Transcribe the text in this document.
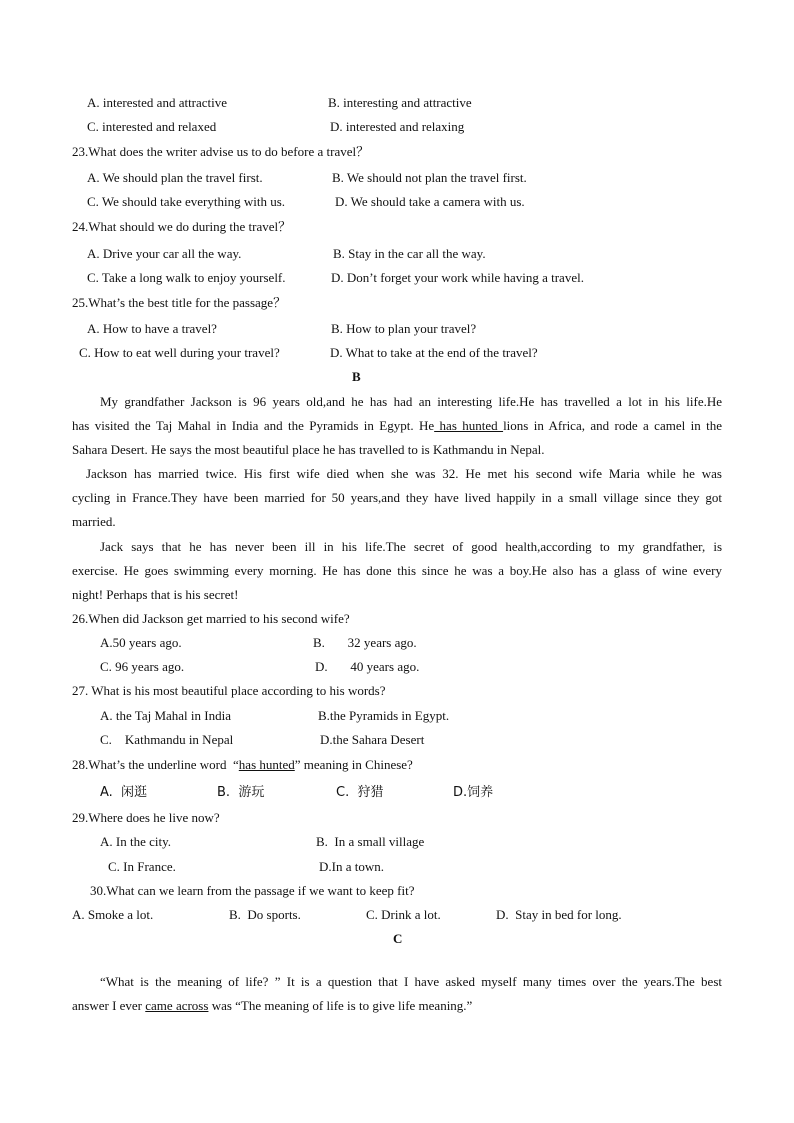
A. interested and attractive	B. interesting and attractive
C. interested and relaxed	D. interested and relaxing
23.What does the writer advise us to do before a travel？
A. We should plan the travel first.	B. We should not plan the travel first.
C. We should take everything with us.	D. We should take a camera with us.
24.What should we do during the travel？
A. Drive your car all the way.	B. Stay in the car all the way.
C. Take a long walk to enjoy yourself.	D. Don’t forget your work while having a travel.
25.What’s the best title for the passage？
A. How to have a travel?	B. How to plan your travel?
C. How to eat well during your travel?	D. What to take at the end of the travel?
B
My grandfather Jackson is 96 years old,and he has had an interesting life.He has travelled a lot in his life.He
has visited the Taj Mahal in India and the Pyramids in Egypt. He has hunted lions in Africa, and rode a camel in the
Sahara Desert. He says the most beautiful place he has travelled to is Kathmandu in Nepal.
Jackson has married twice. His first wife died when she was 32. He met his second wife Maria while he was
cycling in France.They have been married for 50 years,and they have lived happily in a small village since they got
married.
Jack says that he has never been ill in his life.The secret of good health,according to my grandfather, is
exercise. He goes swimming every morning. He has done this since he was a boy.He also has a glass of wine every
night! Perhaps that is his secret!
26.When did Jackson get married to his second wife?
A.50 years ago.	B.       32 years ago.
C. 96 years ago.	D.       40 years ago.
27. What is his most beautiful place according to his words?
A. the Taj Mahal in India	B.the Pyramids in Egypt.
C.    Kathmandu in Nepal	D.the Sahara Desert
28.What’s the underline word  “has hunted” meaning in Chinese?
A.  闲逛	B.  游玩	C.  狩猎	D.饲养
29.Where does he live now?
A. In the city.	B.  In a small village
C. In France.	D.In a town.
30.What can we learn from the passage if we want to keep fit?
A. Smoke a lot.	B.  Do sports.	C. Drink a lot.	D.  Stay in bed for long.
C
“What is the meaning of life? ” It is a question that I have asked myself many times over the years.The best
answer I ever came across was “The meaning of life is to give life meaning.”
